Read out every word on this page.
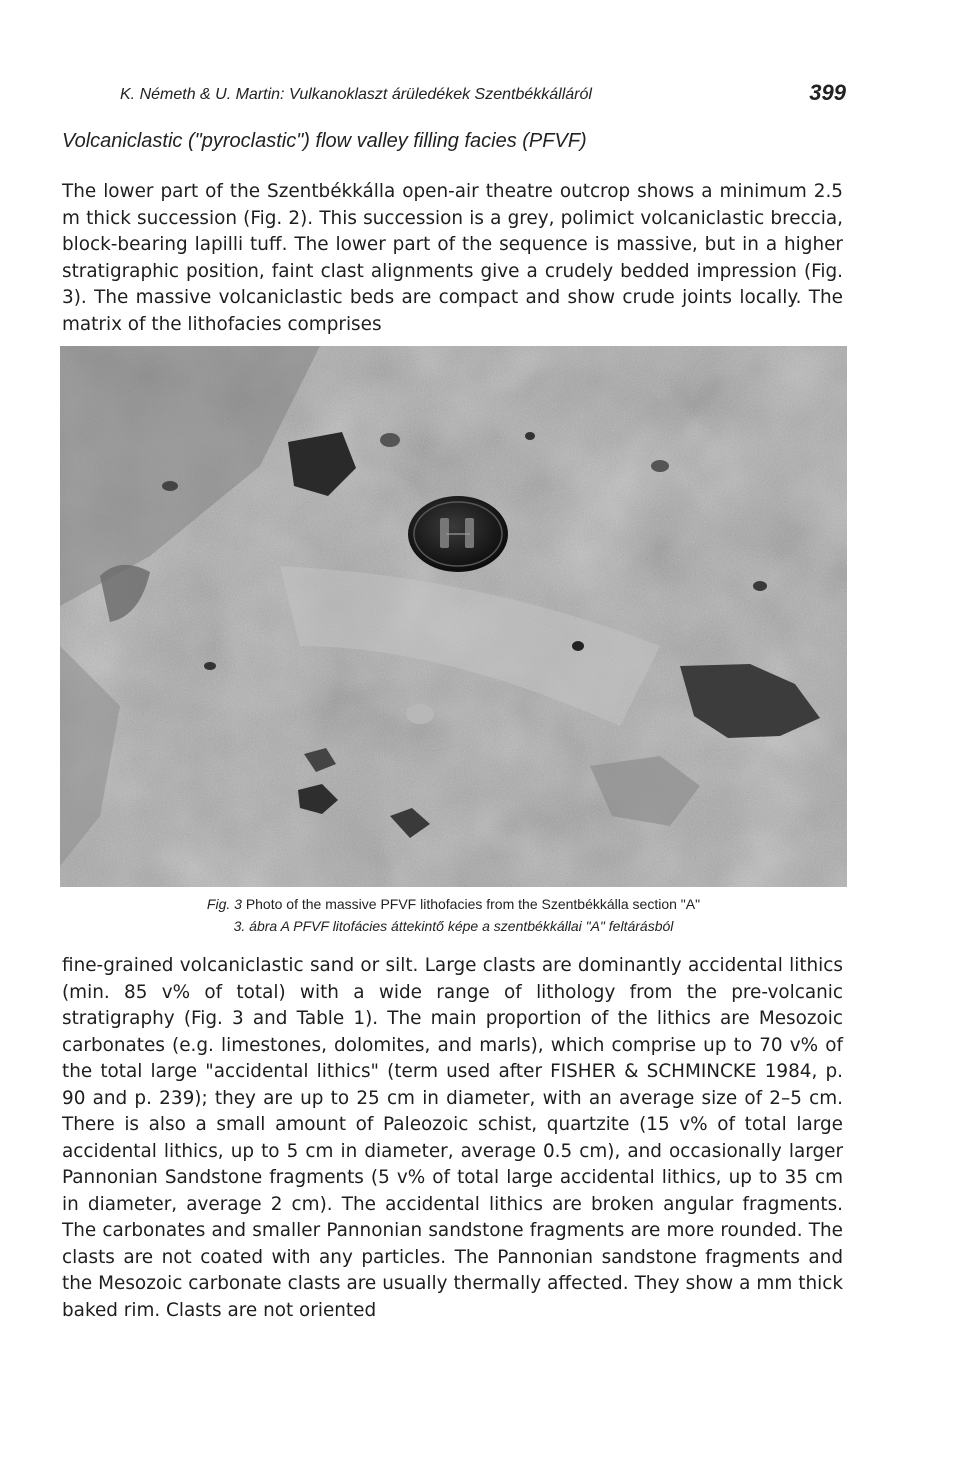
K. Németh & U. Martin: Vulkanoklaszt árüledékek Szentbékkálláról	399
Volcaniclastic ("pyroclastic") flow valley filling facies (PFVF)

The lower part of the Szentbékkálla open-air theatre outcrop shows a minimum 2.5 m thick succession (Fig. 2). This succession is a grey, polimict volcaniclastic breccia, block-bearing lapilli tuff. The lower part of the sequence is massive, but in a higher stratigraphic position, faint clast alignments give a crudely bedded impression (Fig. 3). The massive volcaniclastic beds are compact and show crude joints locally. The matrix of the lithofacies comprises

Fig. 3 Photo of the massive PFVF lithofacies from the Szentbékkálla section "A"
3. ábra A PFVF litofácies áttekintő képe a szentbékkállai "A" feltárásból

fine-grained volcaniclastic sand or silt. Large clasts are dominantly accidental lithics (min. 85 v% of total) with a wide range of lithology from the pre-volcanic stratigraphy (Fig. 3 and Table 1). The main proportion of the lithics are Mesozoic carbonates (e.g. limestones, dolomites, and marls), which comprise up to 70 v% of the total large "accidental lithics" (term used after FISHER & SCHMINCKE 1984, p. 90 and p. 239); they are up to 25 cm in diameter, with an average size of 2–5 cm. There is also a small amount of Paleozoic schist, quartzite (15 v% of total large accidental lithics, up to 5 cm in diameter, average 0.5 cm), and occasionally larger Pannonian Sandstone fragments (5 v% of total large accidental lithics, up to 35 cm in diameter, average 2 cm). The accidental lithics are broken angular fragments. The carbonates and smaller Pannonian sandstone fragments are more rounded. The clasts are not coated with any particles. The Pannonian sandstone fragments and the Mesozoic carbonate clasts are usually thermally affected. They show a mm thick baked rim. Clasts are not oriented
